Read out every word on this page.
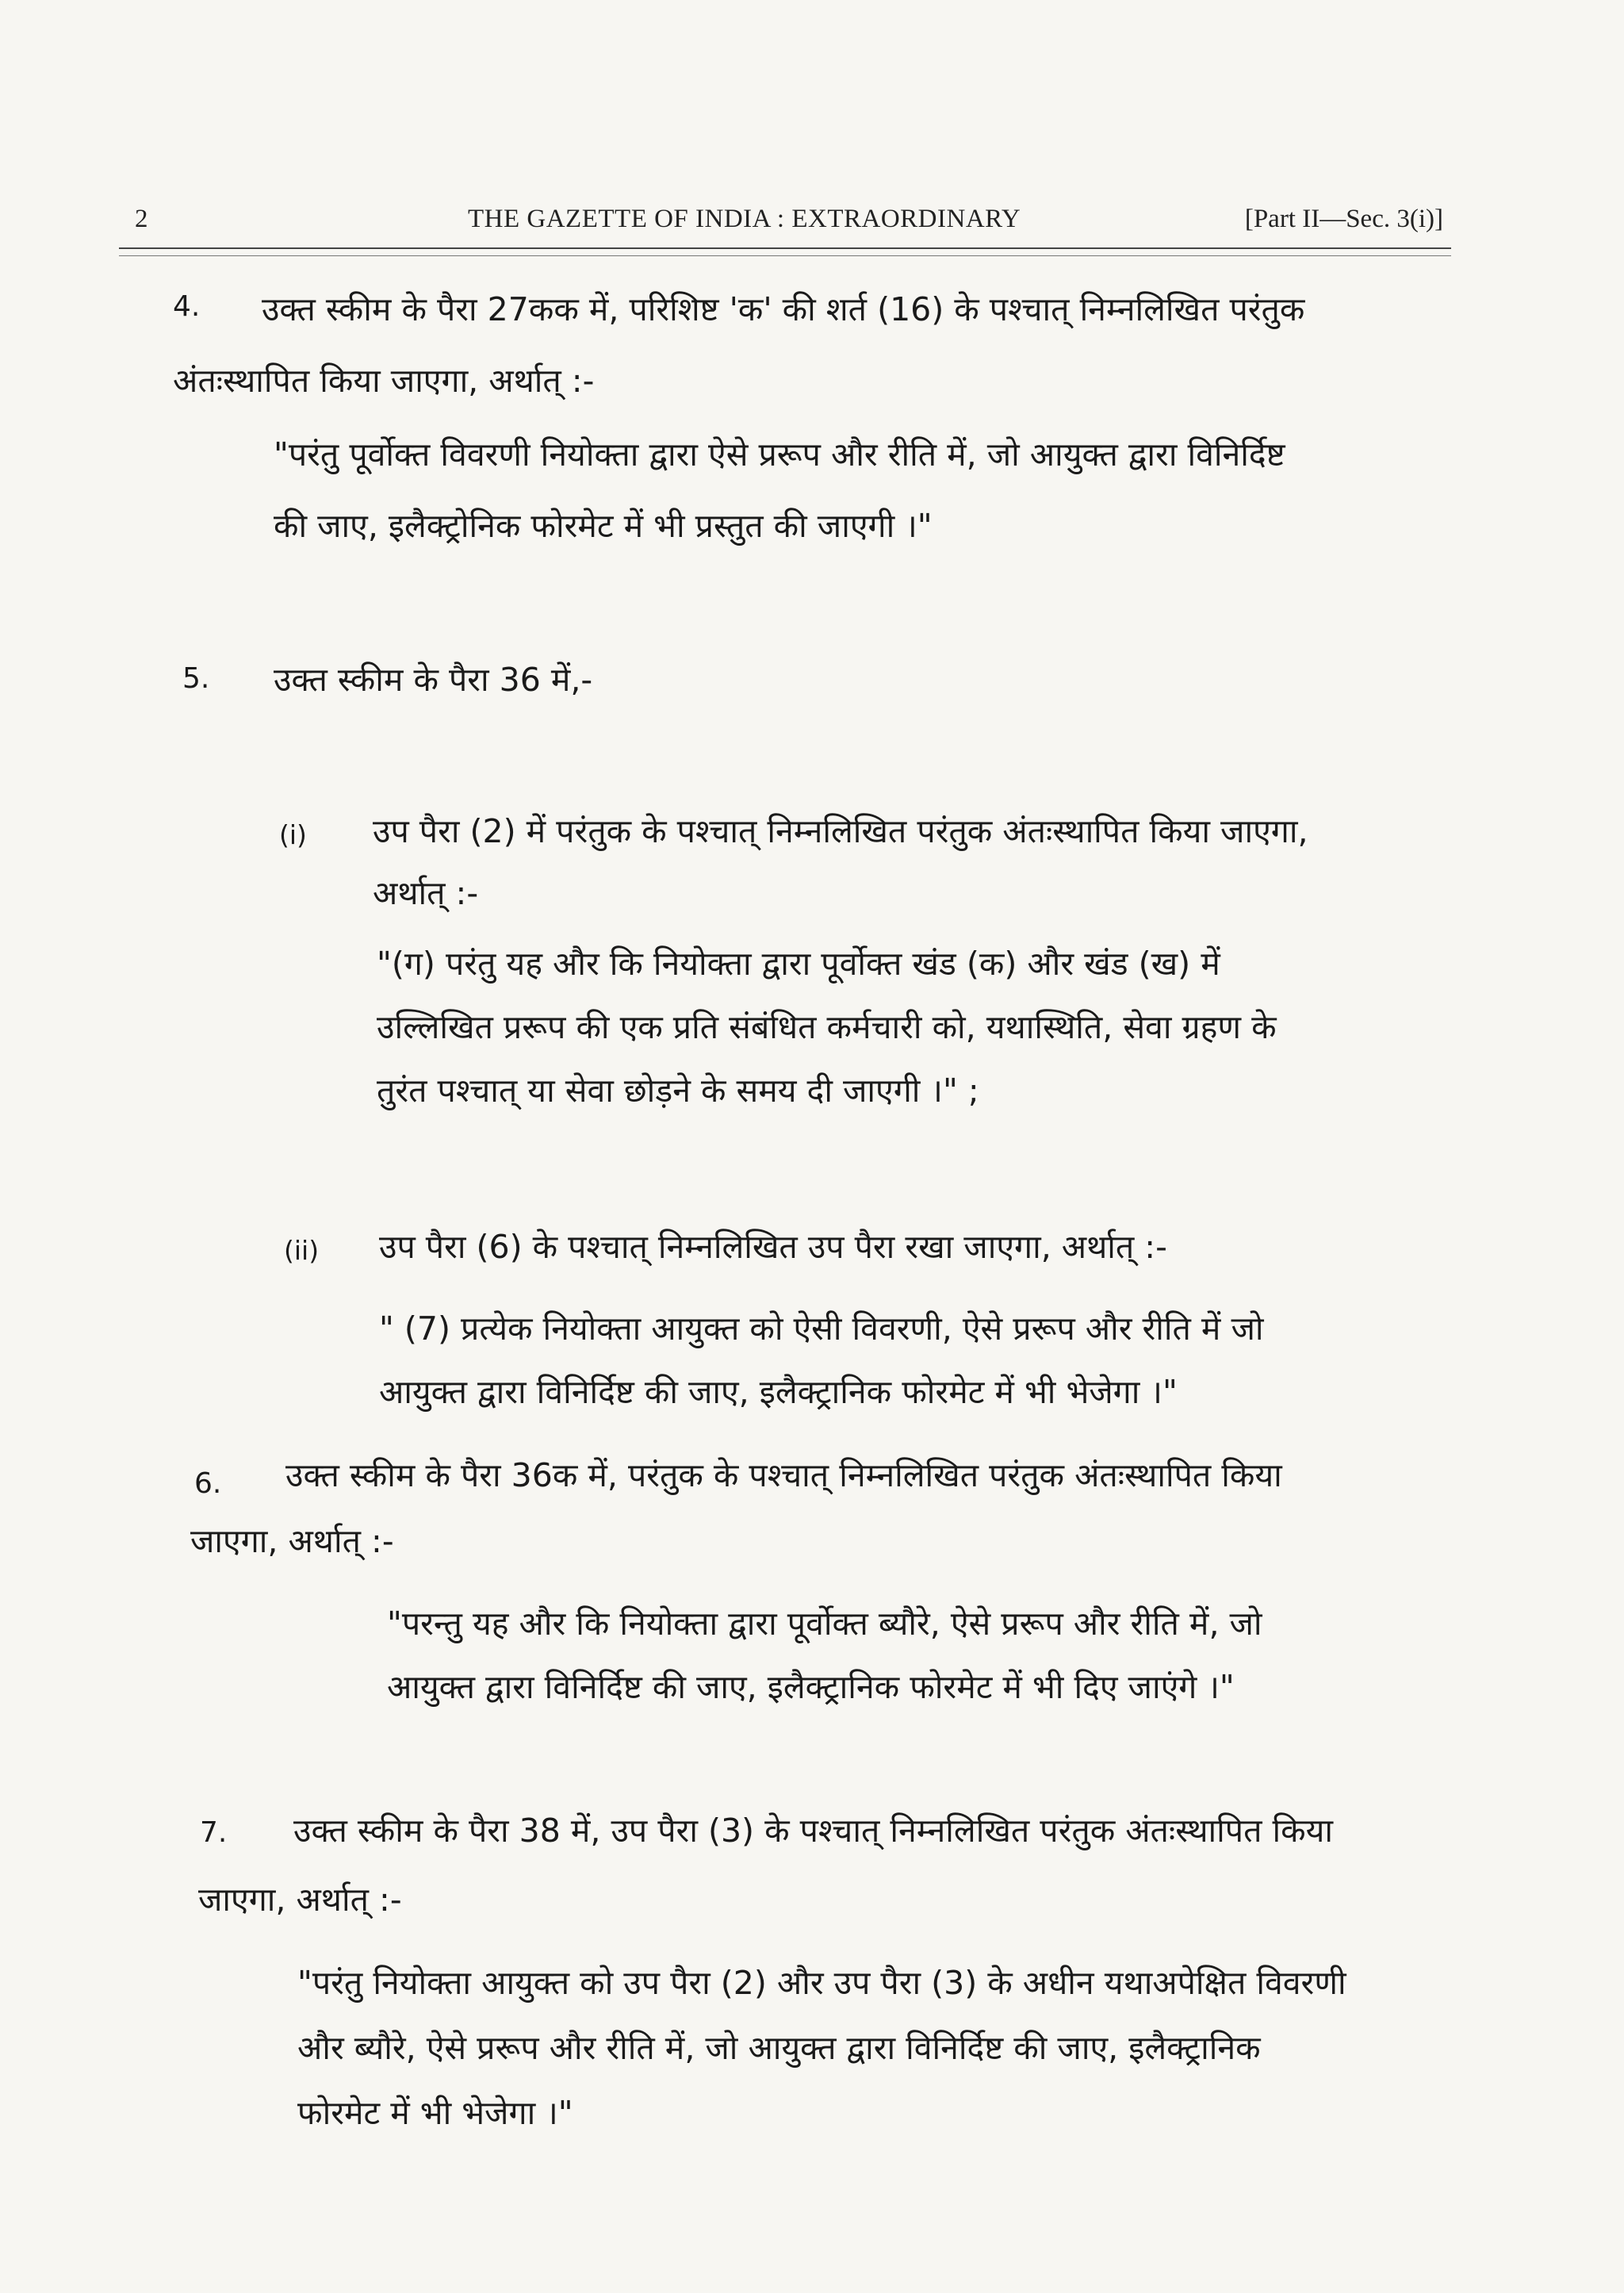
2	THE GAZETTE OF INDIA : EXTRAORDINARY	[Part II—Sec. 3(i)]
4. उक्त स्कीम के पैरा 27कक में, परिशिष्ट 'क' की शर्त (16) के पश्चात् निम्नलिखित परंतुक
अंतःस्थापित किया जाएगा, अर्थात् :-
"परंतु पूर्वोक्त विवरणी नियोक्ता द्वारा ऐसे प्ररूप और रीति में, जो आयुक्त द्वारा विनिर्दिष्ट
की जाए, इलैक्ट्रोनिक फोरमेट में भी प्रस्तुत की जाएगी ।"
5. उक्त स्कीम के पैरा 36 में,-
(i) उप पैरा (2) में परंतुक के पश्चात् निम्नलिखित परंतुक अंतःस्थापित किया जाएगा,
अर्थात् :-
"(ग) परंतु यह और कि नियोक्ता द्वारा पूर्वोक्त खंड (क) और खंड (ख) में
उल्लिखित प्ररूप की एक प्रति संबंधित कर्मचारी को, यथास्थिति, सेवा ग्रहण के
तुरंत पश्चात् या सेवा छोड़ने के समय दी जाएगी ।" ;
(ii) उप पैरा (6) के पश्चात् निम्नलिखित उप पैरा रखा जाएगा, अर्थात् :-
" (7) प्रत्येक नियोक्ता आयुक्त को ऐसी विवरणी, ऐसे प्ररूप और रीति में जो
आयुक्त द्वारा विनिर्दिष्ट की जाए, इलैक्ट्रानिक फोरमेट में भी भेजेगा ।"
6. उक्त स्कीम के पैरा 36क में, परंतुक के पश्चात् निम्नलिखित परंतुक अंतःस्थापित किया
जाएगा, अर्थात् :-
"परन्तु यह और कि नियोक्ता द्वारा पूर्वोक्त ब्यौरे, ऐसे प्ररूप और रीति में, जो
आयुक्त द्वारा विनिर्दिष्ट की जाए, इलैक्ट्रानिक फोरमेट में भी दिए जाएंगे ।"
7. उक्त स्कीम के पैरा 38 में, उप पैरा (3) के पश्चात् निम्नलिखित परंतुक अंतःस्थापित किया
जाएगा, अर्थात् :-
"परंतु नियोक्ता आयुक्त को उप पैरा (2) और उप पैरा (3) के अधीन यथाअपेक्षित विवरणी
और ब्यौरे, ऐसे प्ररूप और रीति में, जो आयुक्त द्वारा विनिर्दिष्ट की जाए, इलैक्ट्रानिक
फोरमेट में भी भेजेगा ।"
